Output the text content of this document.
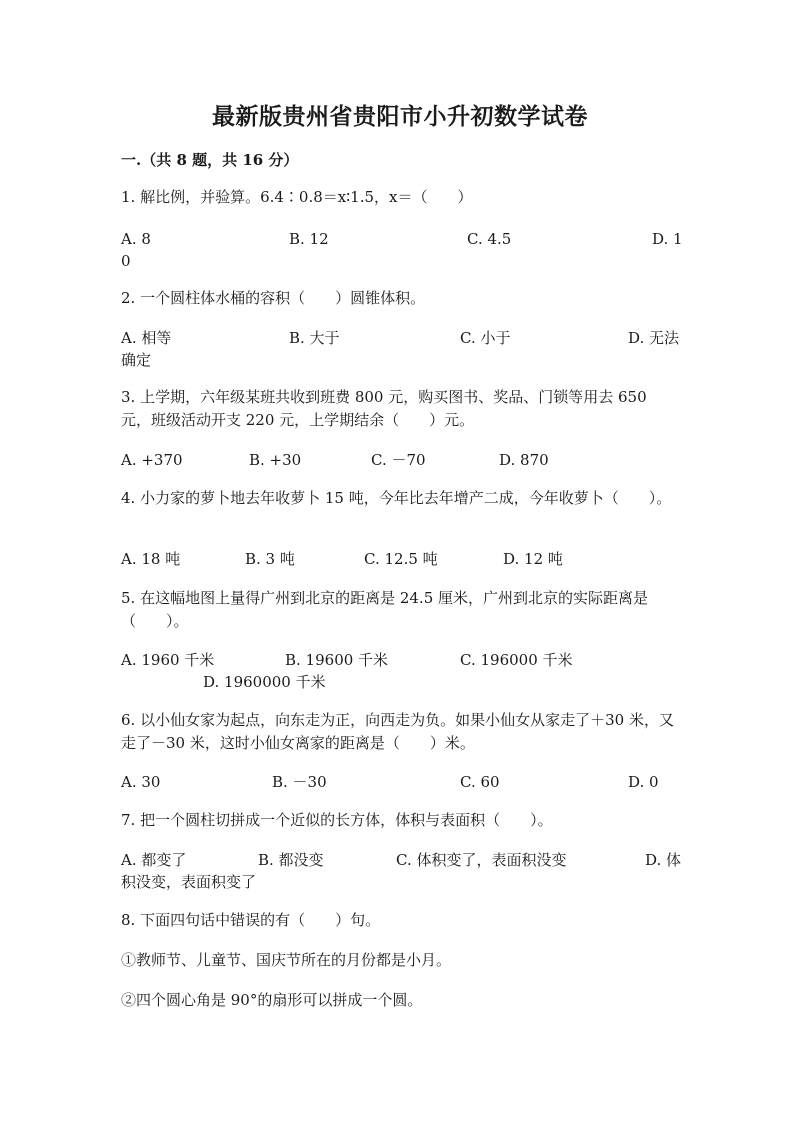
最新版贵州省贵阳市小升初数学试卷
一.（共 8 题，共 16 分）
1. 解比例，并验算。6.4∶0.8＝x∶1.5，x＝（　　）
A. 8	B. 12	C. 4.5	D. 1
0
2. 一个圆柱体水桶的容积（　　）圆锥体积。
A. 相等	B. 大于	C. 小于	D. 无法
确定
3. 上学期，六年级某班共收到班费 800 元，购买图书、奖品、门锁等用去 650 元，班级活动开支 220 元，上学期结余（　　）元。
A. +370	B. +30	C. －70	D. 870
4. 小力家的萝卜地去年收萝卜 15 吨，今年比去年增产二成，今年收萝卜（　　）。
A. 18 吨	B. 3 吨	C. 12.5 吨	D. 12 吨
5. 在这幅地图上量得广州到北京的距离是 24.5 厘米，广州到北京的实际距离是（　　）。
A. 1960 千米	B. 19600 千米	C. 196000 千米
D. 1960000 千米
6. 以小仙女家为起点，向东走为正，向西走为负。如果小仙女从家走了＋30 米，又走了－30 米，这时小仙女离家的距离是（　　）米。
A. 30	B. －30	C. 60	D. 0
7. 把一个圆柱切拼成一个近似的长方体，体积与表面积（　　）。
A. 都变了	B. 都没变	C. 体积变了，表面积没变	D. 体
积没变，表面积变了
8. 下面四句话中错误的有（　　）句。
①教师节、儿童节、国庆节所在的月份都是小月。
②四个圆心角是 90°的扇形可以拼成一个圆。
